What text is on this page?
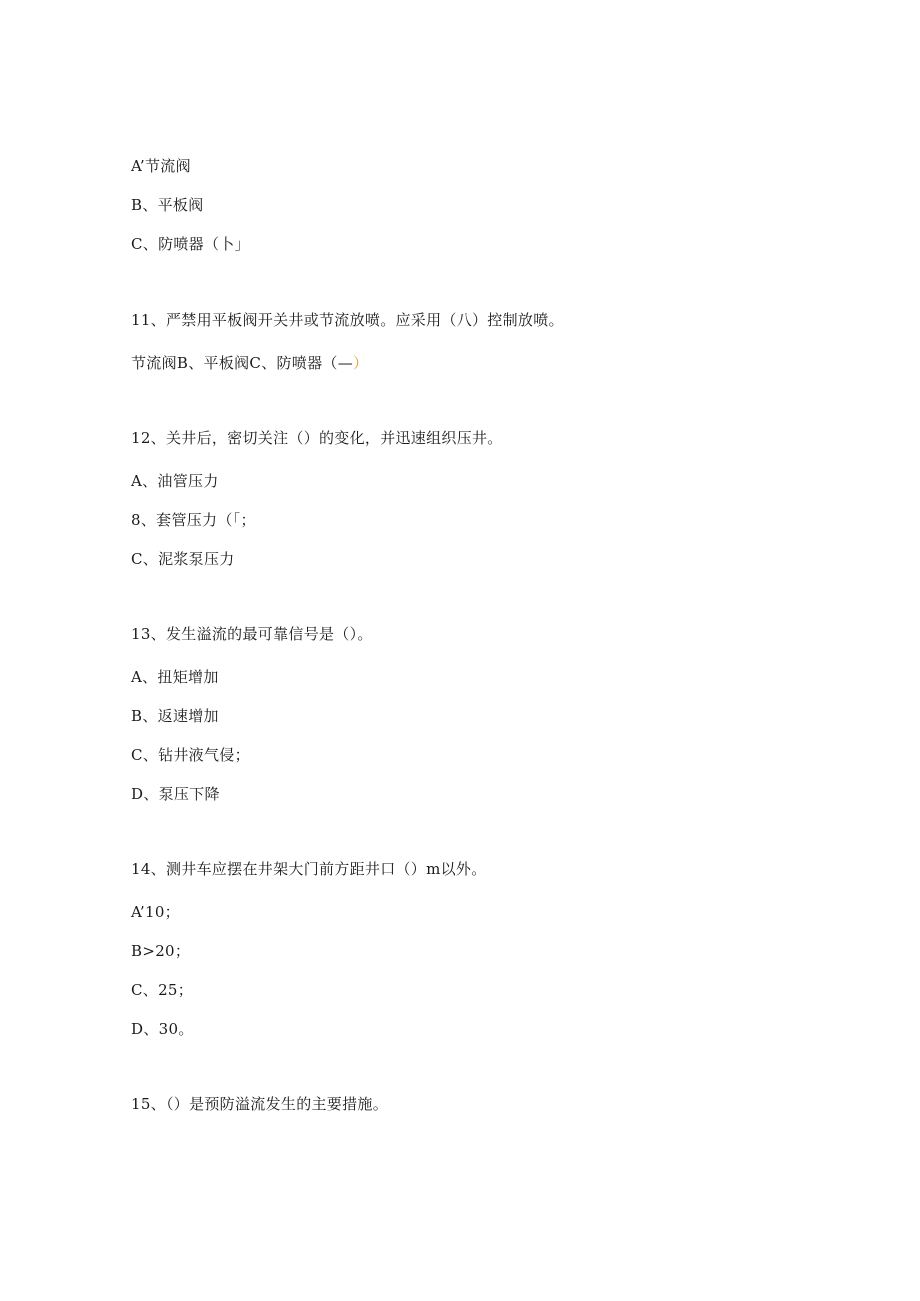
A’节流阀
B、平板阀
C、防喷器（卜」
11、严禁用平板阀开关井或节流放喷。应采用（八）控制放喷。
节流阀B、平板阀C、防喷器（—）
12、关井后，密切关注（）的变化，并迅速组织压井。
A、油管压力
8、套管压力（「；
C、泥浆泵压力
13、发生溢流的最可靠信号是（）。
A、扭矩增加
B、返速增加
C、钻井液气侵；
D、泵压下降
14、测井车应摆在井架大门前方距井口（）m以外。
A’10；
B>20；
C、25；
D、30。
15、（）是预防溢流发生的主要措施。
